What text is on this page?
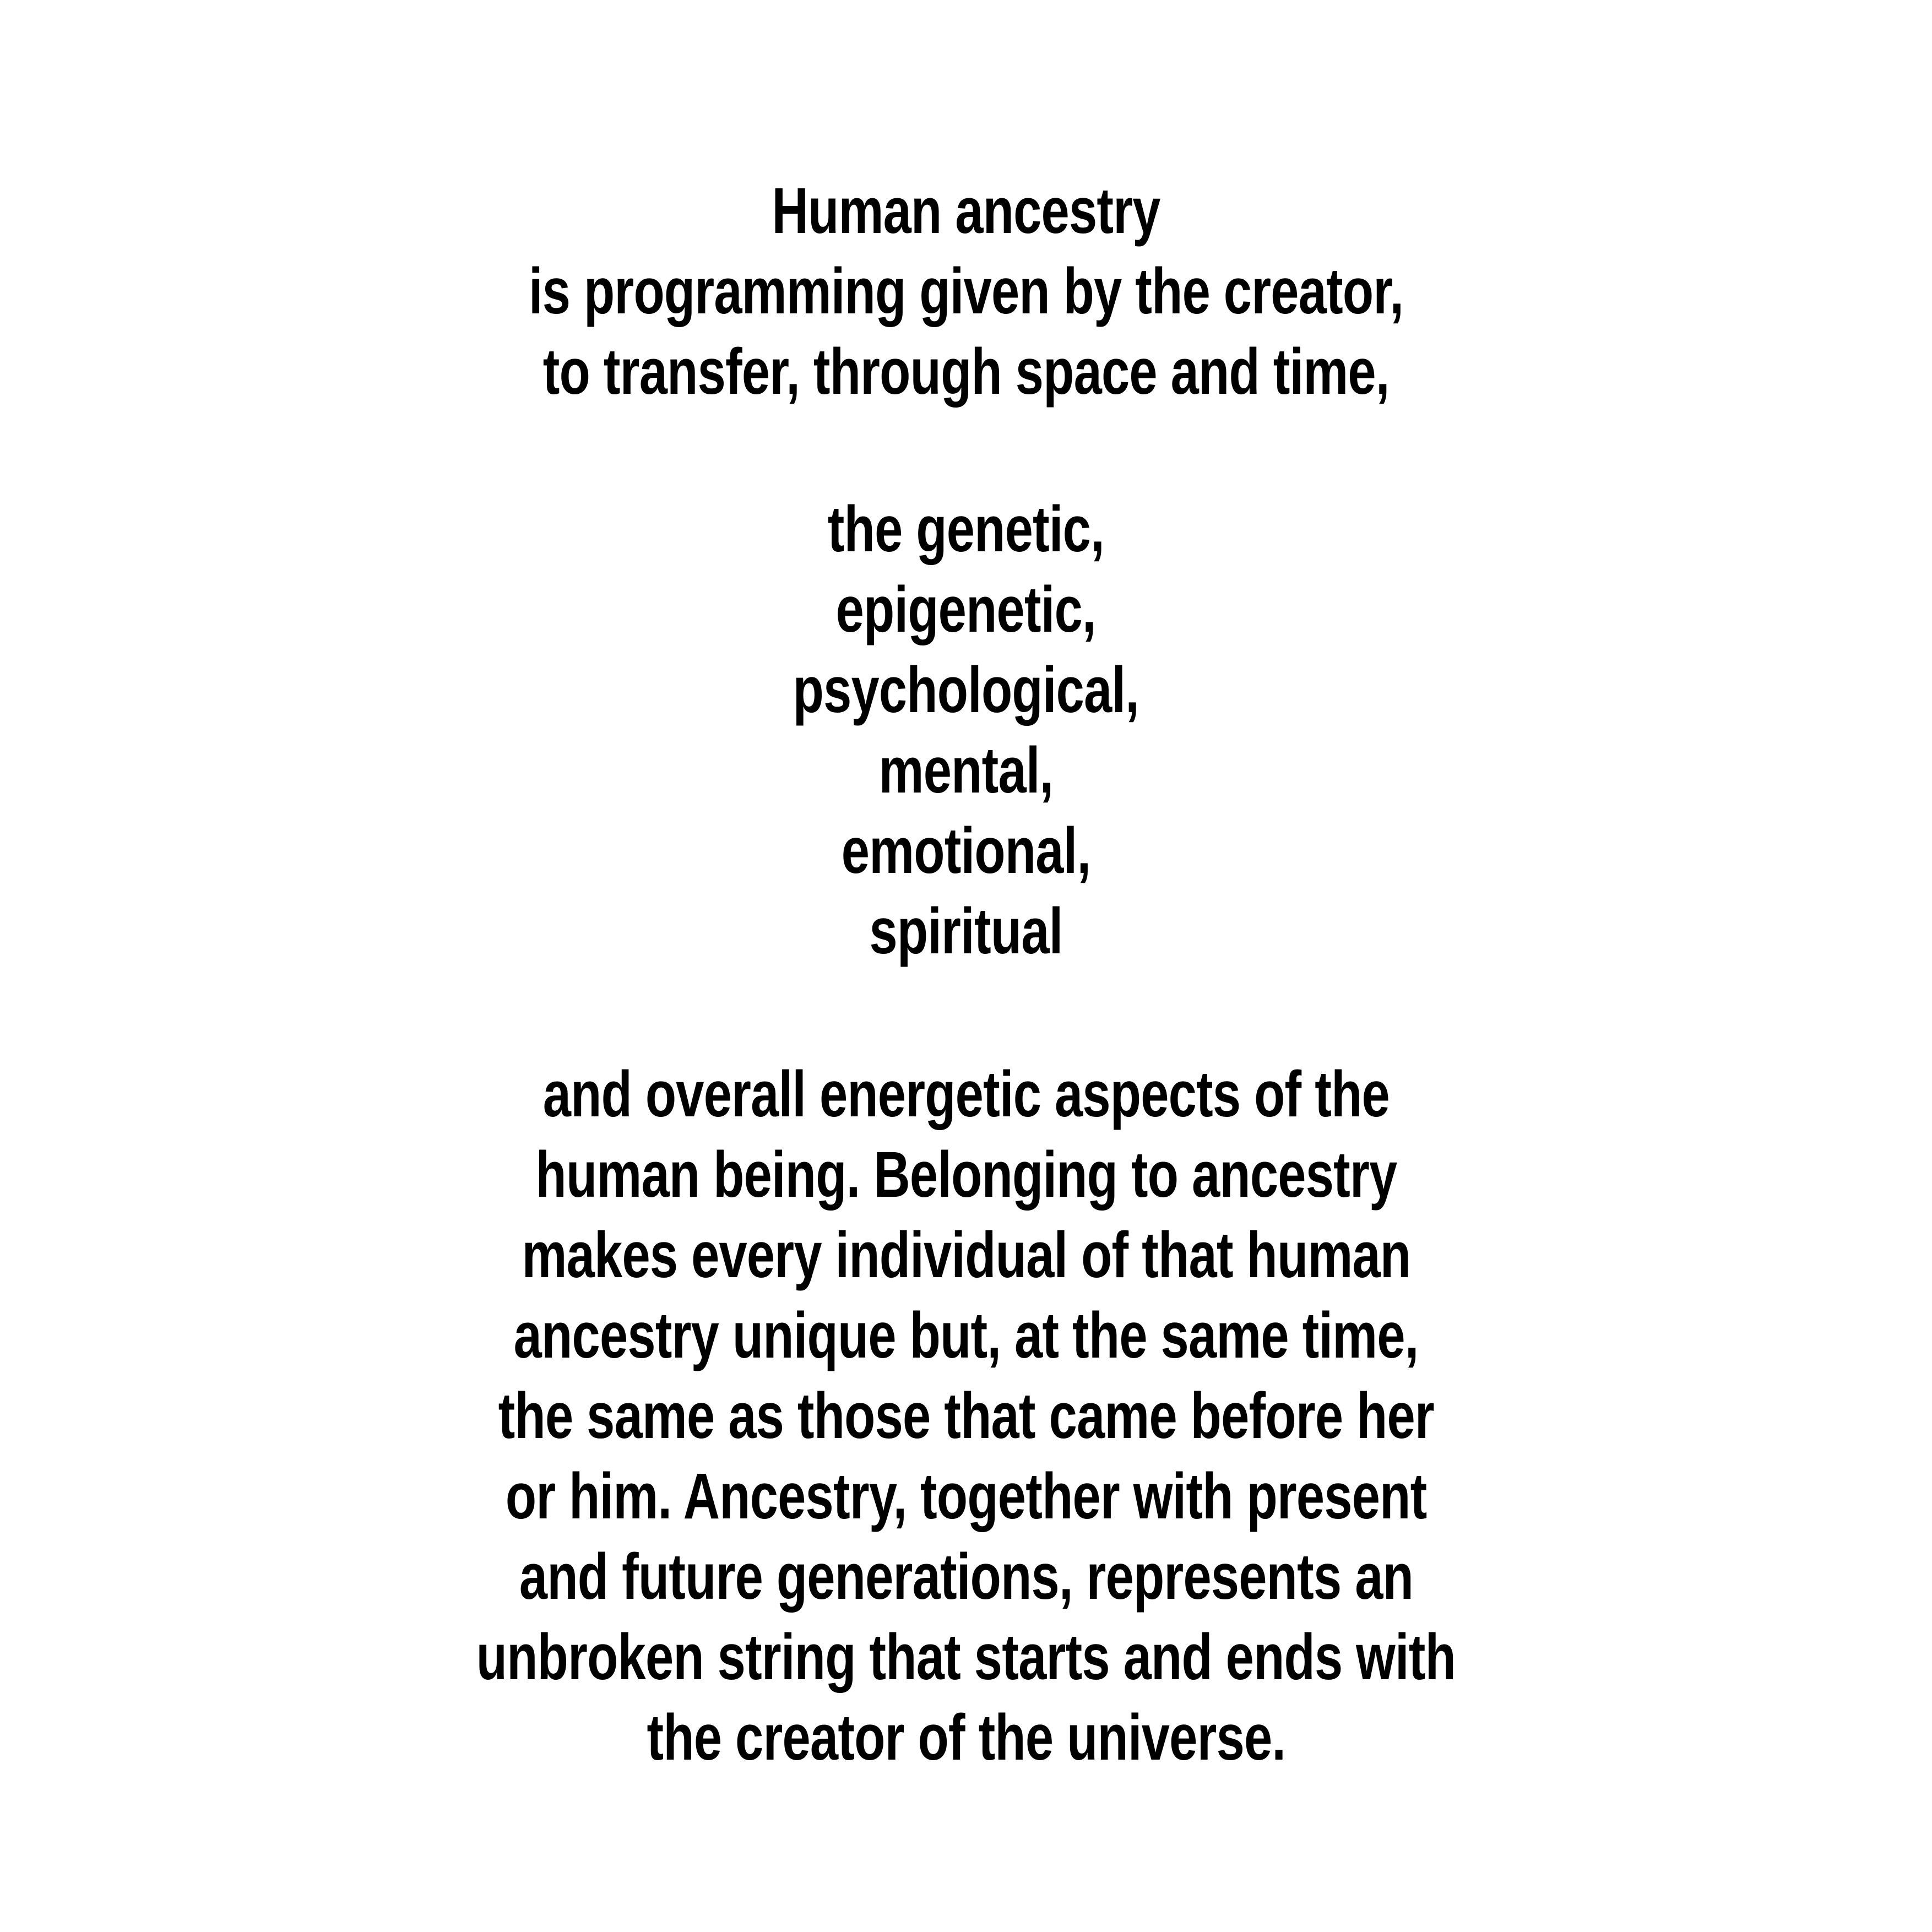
Human ancestry
is programming given by the creator,
to transfer, through space and time,
the genetic,
epigenetic,
psychological,
mental,
emotional,
spiritual
and overall energetic aspects of the
human being. Belonging to ancestry
makes every individual of that human
ancestry unique but, at the same time,
the same as those that came before her
or him. Ancestry, together with present
and future generations, represents an
unbroken string that starts and ends with
the creator of the universe.
